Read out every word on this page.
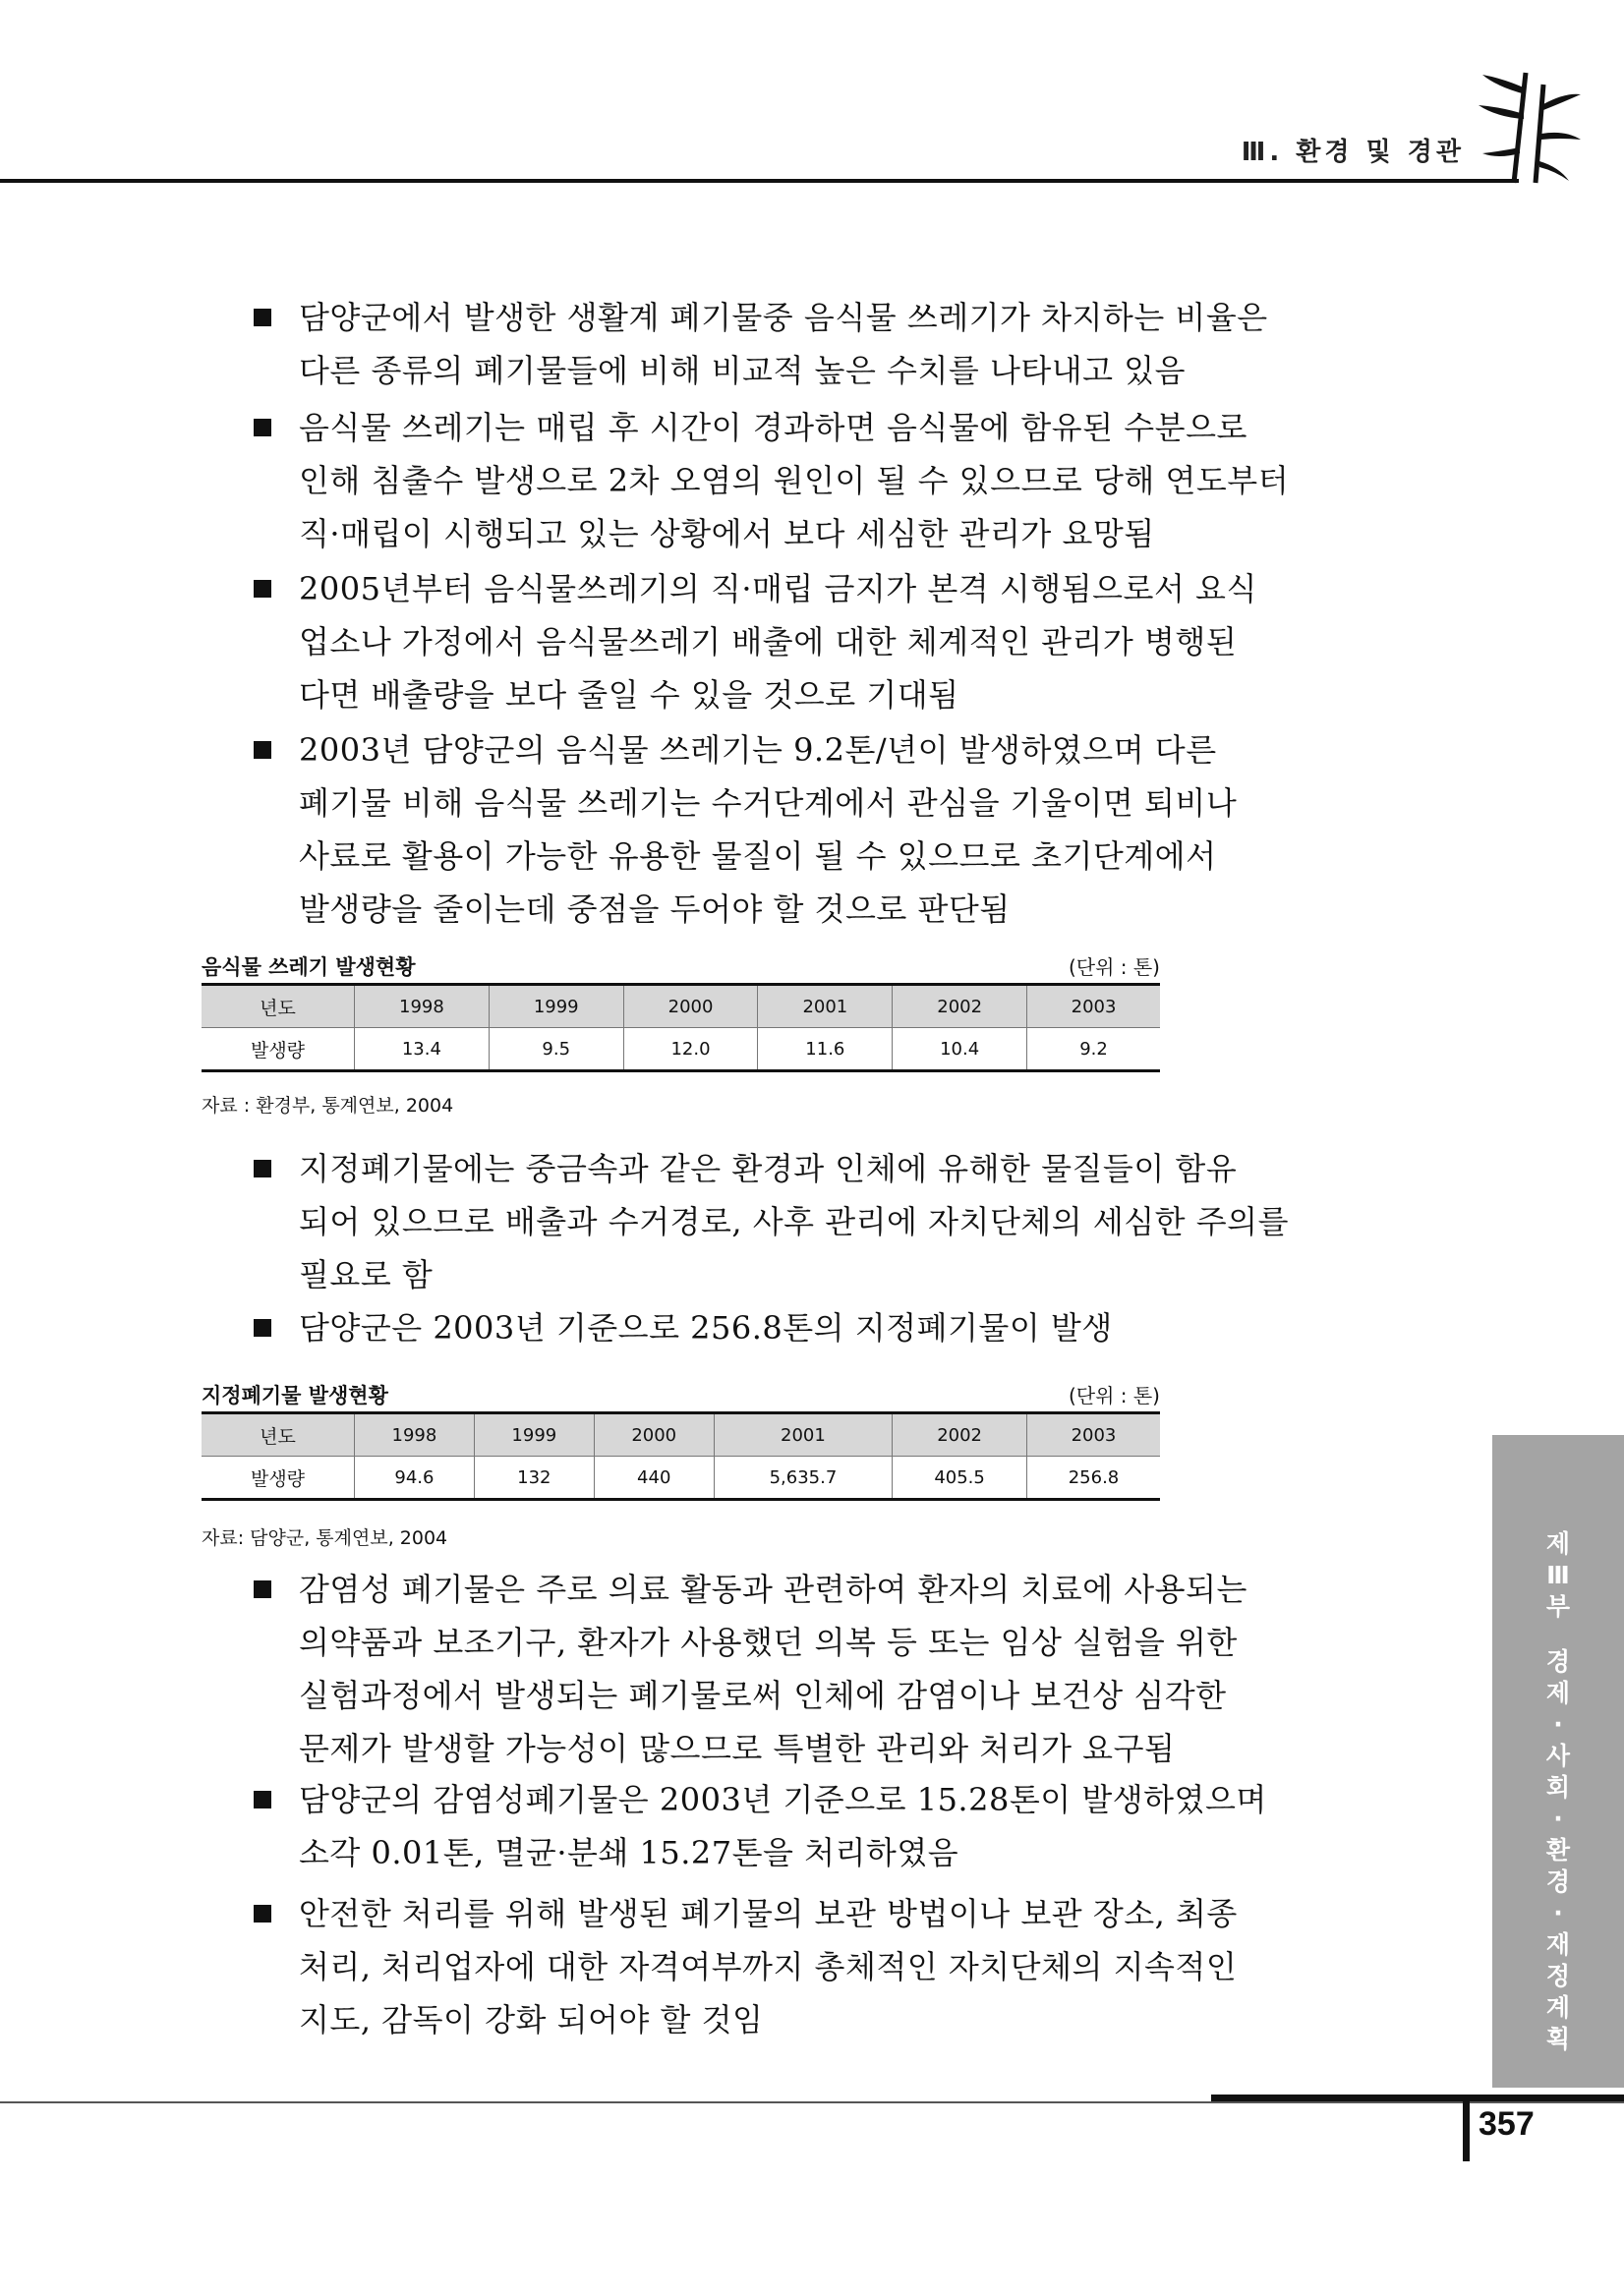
Ⅲ. 환경 및 경관
담양군에서 발생한 생활계 폐기물중 음식물 쓰레기가 차지하는 비율은
다른 종류의 폐기물들에 비해 비교적 높은 수치를 나타내고 있음
음식물 쓰레기는 매립 후 시간이 경과하면 음식물에 함유된 수분으로
인해 침출수 발생으로 2차 오염의 원인이 될 수 있으므로 당해 연도부터
직·매립이 시행되고 있는 상황에서 보다 세심한 관리가 요망됨
2005년부터 음식물쓰레기의 직·매립 금지가 본격 시행됨으로서 요식
업소나 가정에서 음식물쓰레기 배출에 대한 체계적인 관리가 병행된
다면 배출량을 보다 줄일 수 있을 것으로 기대됨
2003년 담양군의 음식물 쓰레기는 9.2톤/년이 발생하였으며 다른
폐기물 비해 음식물 쓰레기는 수거단계에서 관심을 기울이면 퇴비나
사료로 활용이 가능한 유용한 물질이 될 수 있으므로 초기단계에서
발생량을 줄이는데 중점을 두어야 할 것으로 판단됨
음식물 쓰레기 발생현황	(단위 : 톤)
년도	1998	1999	2000	2001	2002	2003
발생량	13.4	9.5	12.0	11.6	10.4	9.2
자료 : 환경부, 통계연보, 2004
지정폐기물에는 중금속과 같은 환경과 인체에 유해한 물질들이 함유
되어 있으므로 배출과 수거경로, 사후 관리에 자치단체의 세심한 주의를
필요로 함
담양군은 2003년 기준으로 256.8톤의 지정폐기물이 발생
지정폐기물 발생현황	(단위 : 톤)
년도	1998	1999	2000	2001	2002	2003
발생량	94.6	132	440	5,635.7	405.5	256.8
자료: 담양군, 통계연보, 2004
감염성 폐기물은 주로 의료 활동과 관련하여 환자의 치료에 사용되는
의약품과 보조기구, 환자가 사용했던 의복 등 또는 임상 실험을 위한
실험과정에서 발생되는 폐기물로써 인체에 감염이나 보건상 심각한
문제가 발생할 가능성이 많으므로 특별한 관리와 처리가 요구됨
담양군의 감염성폐기물은 2003년 기준으로 15.28톤이 발생하였으며
소각 0.01톤, 멸균·분쇄 15.27톤을 처리하였음
안전한 처리를 위해 발생된 폐기물의 보관 방법이나 보관 장소, 최종
처리, 처리업자에 대한 자격여부까지 총체적인 자치단체의 지속적인
지도, 감독이 강화 되어야 할 것임
제
Ⅲ
부
경
제
·
사
회
·
환
경
·
재
정
계
획
357
